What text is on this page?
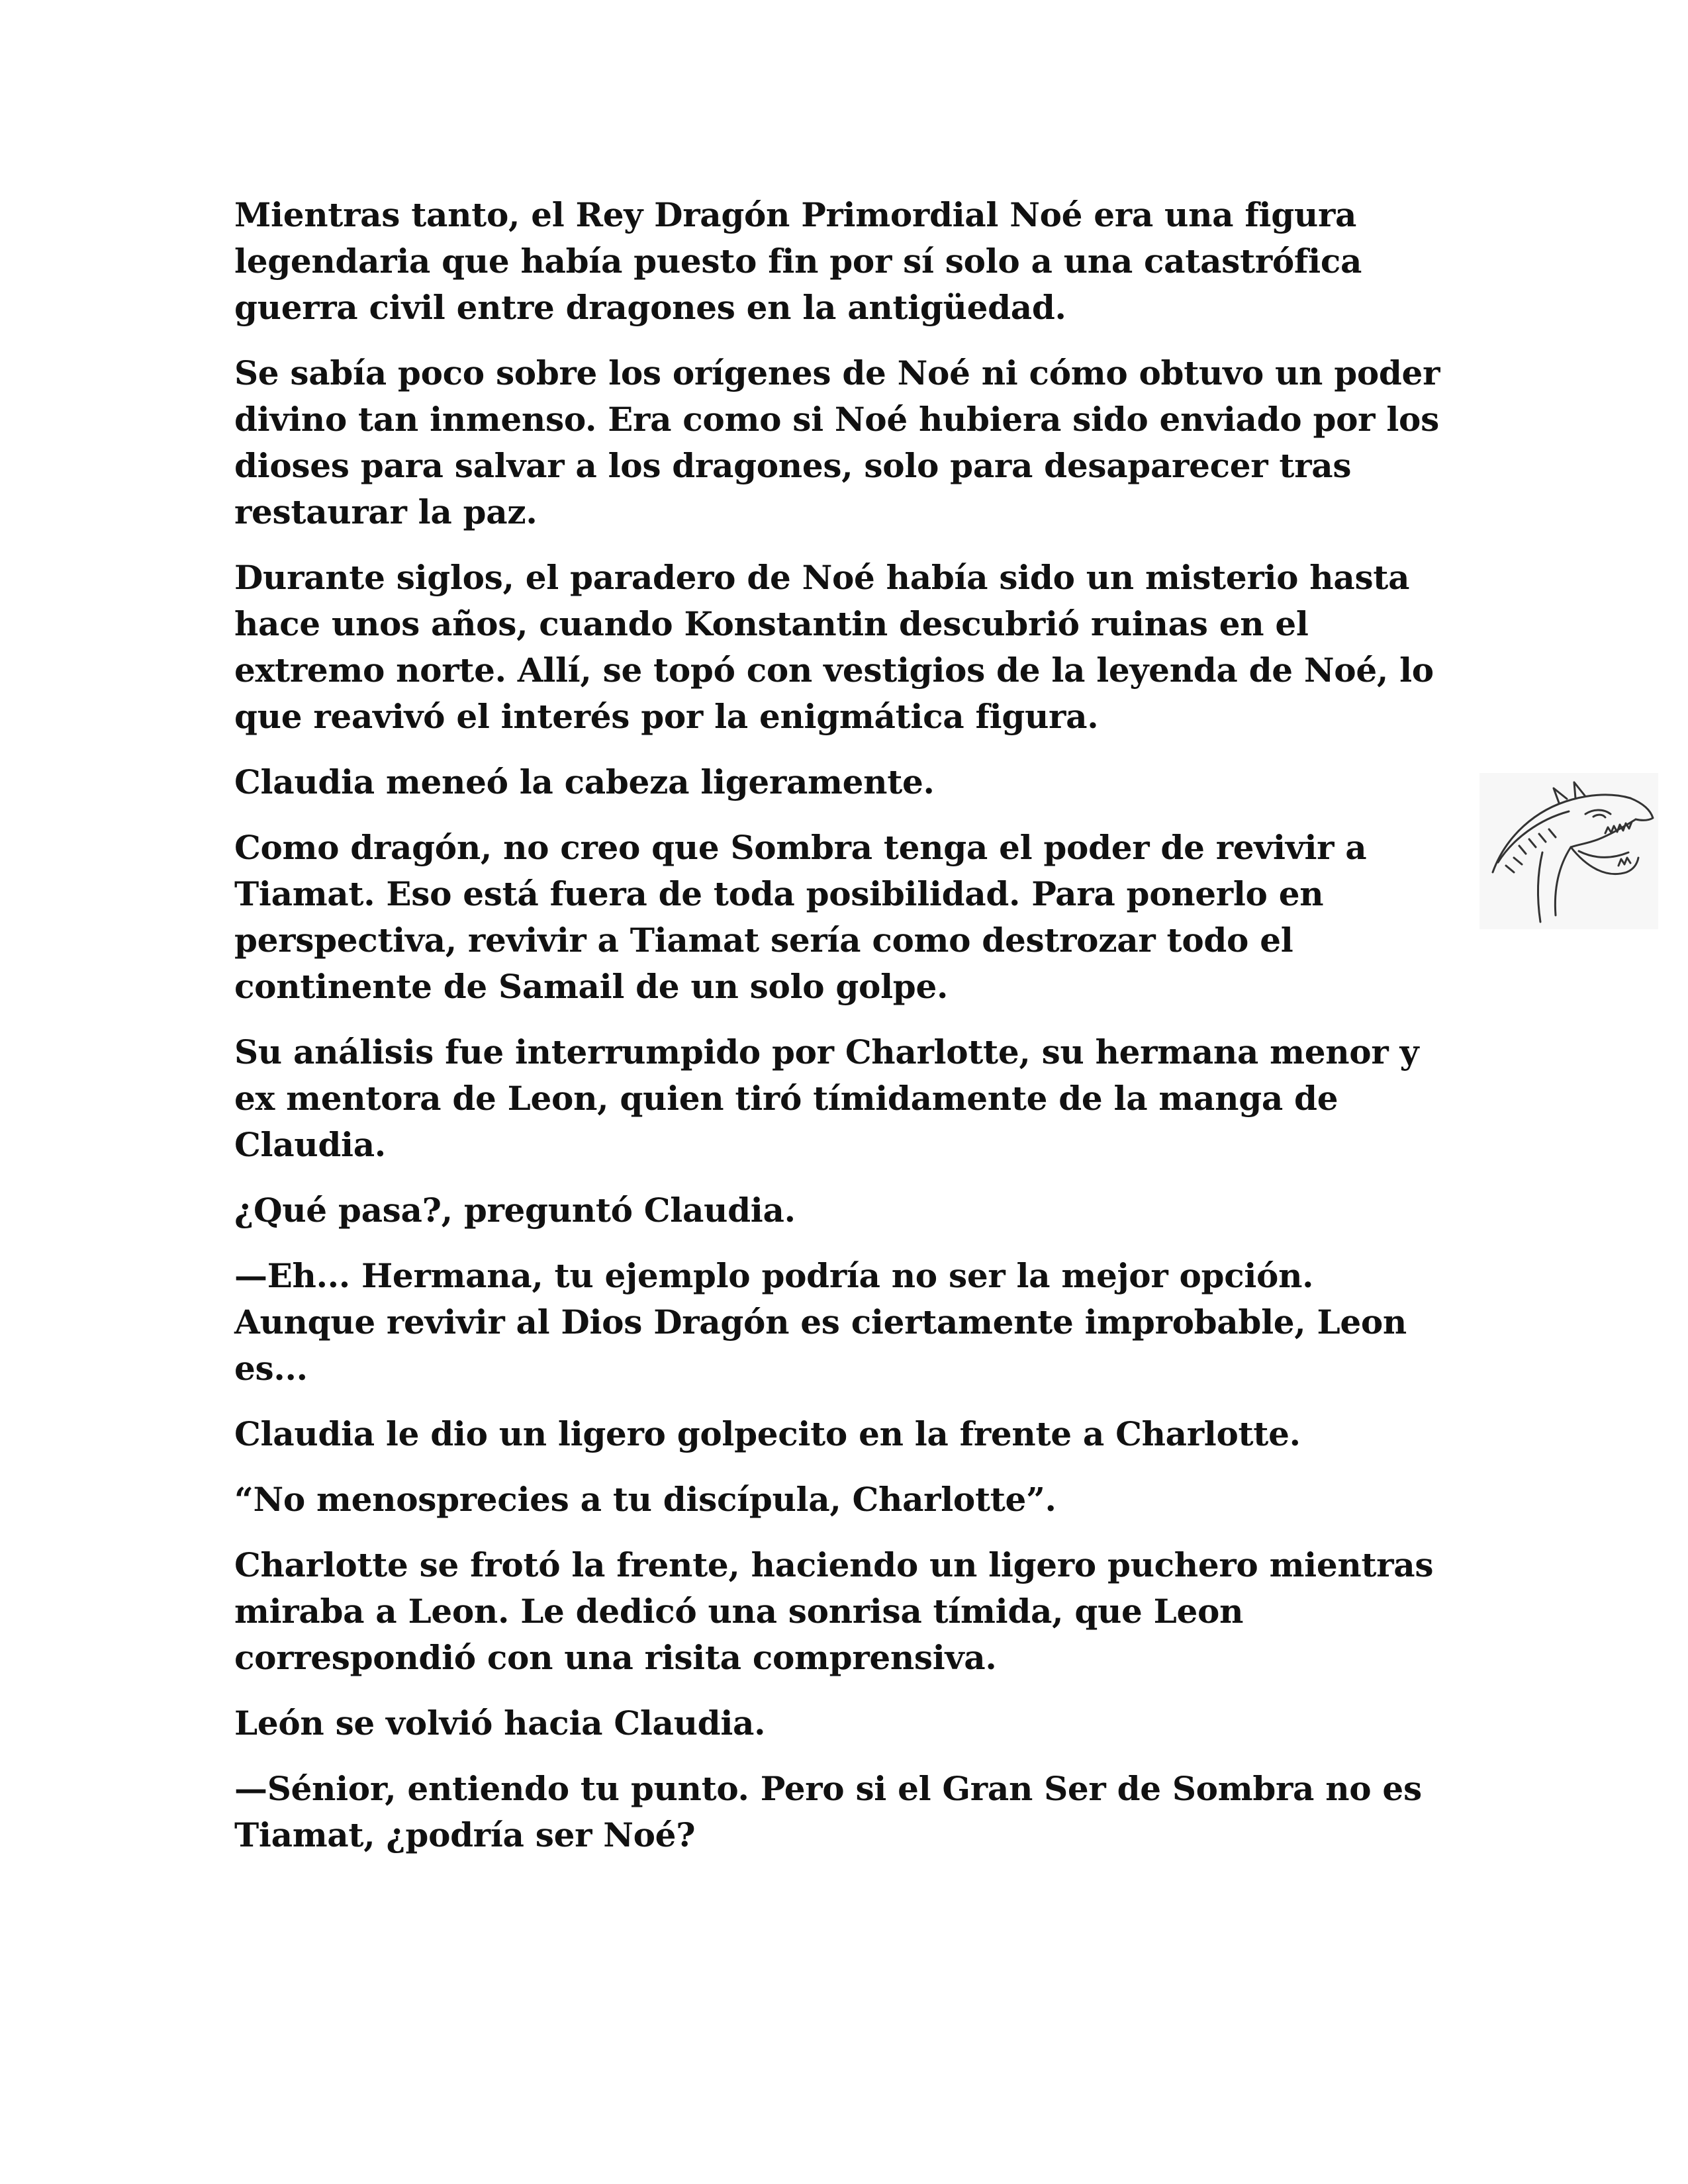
Mientras tanto, el Rey Dragón Primordial Noé era una figura legendaria que había puesto fin por sí solo a una catastrófica guerra civil entre dragones en la antigüedad.

Se sabía poco sobre los orígenes de Noé ni cómo obtuvo un poder divino tan inmenso. Era como si Noé hubiera sido enviado por los dioses para salvar a los dragones, solo para desaparecer tras restaurar la paz.

Durante siglos, el paradero de Noé había sido un misterio hasta hace unos años, cuando Konstantin descubrió ruinas en el extremo norte. Allí, se topó con vestigios de la leyenda de Noé, lo que reavivó el interés por la enigmática figura.

Claudia meneó la cabeza ligeramente.

Como dragón, no creo que Sombra tenga el poder de revivir a Tiamat. Eso está fuera de toda posibilidad. Para ponerlo en perspectiva, revivir a Tiamat sería como destrozar todo el continente de Samail de un solo golpe.

Su análisis fue interrumpido por Charlotte, su hermana menor y ex mentora de Leon, quien tiró tímidamente de la manga de Claudia.

¿Qué pasa?, preguntó Claudia.

—Eh... Hermana, tu ejemplo podría no ser la mejor opción. Aunque revivir al Dios Dragón es ciertamente improbable, Leon es...

Claudia le dio un ligero golpecito en la frente a Charlotte.

“No menosprecies a tu discípula, Charlotte”.

Charlotte se frotó la frente, haciendo un ligero puchero mientras miraba a Leon. Le dedicó una sonrisa tímida, que Leon correspondió con una risita comprensiva.

León se volvió hacia Claudia.

—Sénior, entiendo tu punto. Pero si el Gran Ser de Sombra no es Tiamat, ¿podría ser Noé?
